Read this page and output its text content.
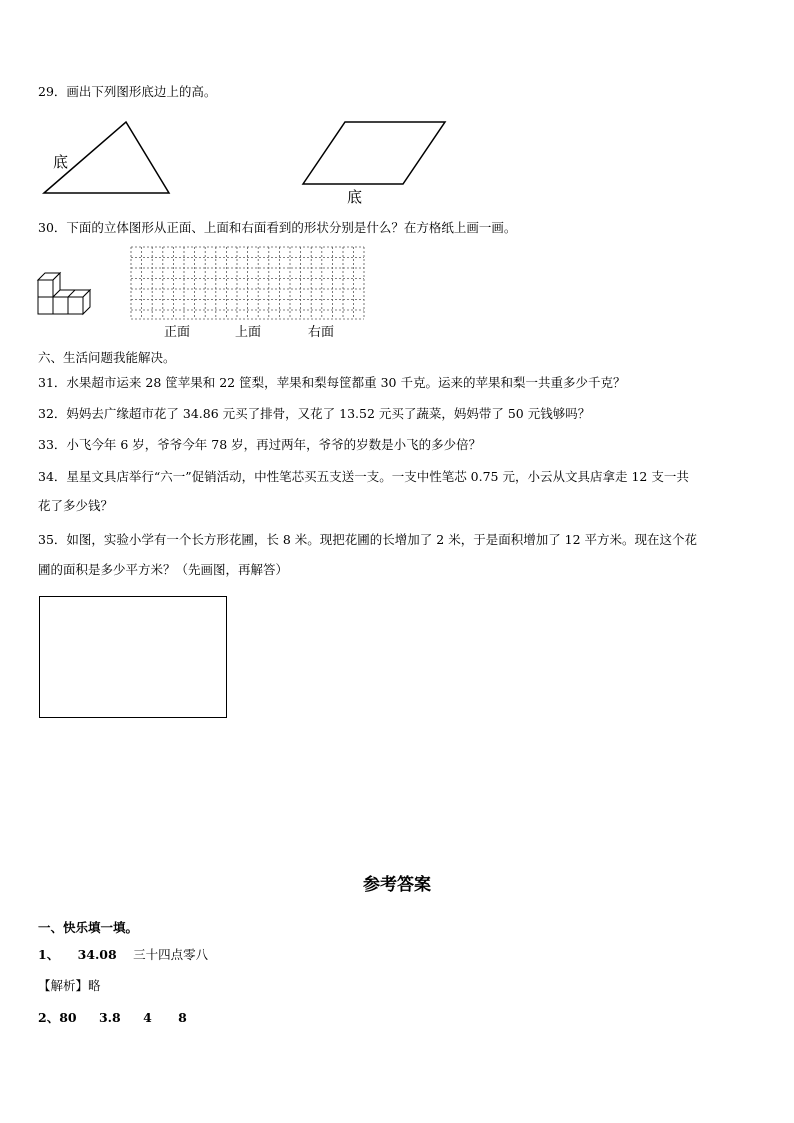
29．画出下列图形底边上的高。
底
底
30．下面的立体图形从正面、上面和右面看到的形状分别是什么？在方格纸上画一画。
正面	上面	右面
六、生活问题我能解决。
31．水果超市运来 28 筐苹果和 22 筐梨，苹果和梨每筐都重 30 千克。运来的苹果和梨一共重多少千克？
32．妈妈去广缘超市花了 34.86 元买了排骨，又花了 13.52 元买了蔬菜，妈妈带了 50 元钱够吗？
33．小飞今年 6 岁，爷爷今年 78 岁，再过两年，爷爷的岁数是小飞的多少倍？
34．星星文具店举行“六一”促销活动，中性笔芯买五支送一支。一支中性笔芯 0.75 元，小云从文具店拿走 12 支一共
花了多少钱？
35．如图，实验小学有一个长方形花圃，长 8 米。现把花圃的长增加了 2 米，于是面积增加了 12 平方米。现在这个花
圃的面积是多少平方米？（先画图，再解答）
参考答案
一、快乐填一填。
1、 34.08 三十四点零八
【解析】略
2、80 3.8 4 8
